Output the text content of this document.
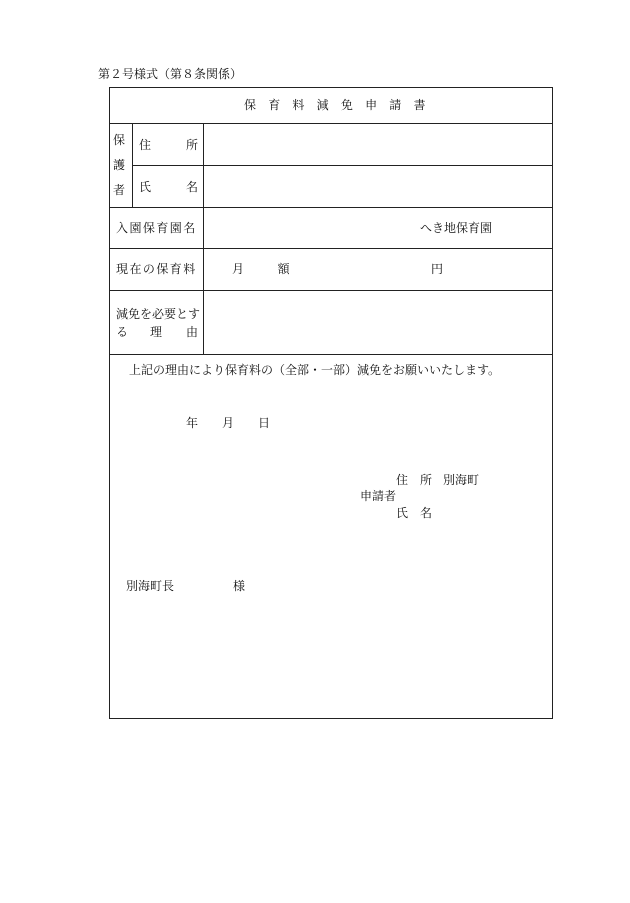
第２号様式（第８条関係）
保 育 料 減 免 申 請 書
保
護
者
住	所
氏	名
入園保育園名	へき地保育園
現在の保育料	月　額	円
減免を必要とす
る 理 由
上記の理由により保育料の（全部・一部）減免をお願いいたします。
年 月 日
住　所 別海町
申請者
氏　名
別海町長	様
